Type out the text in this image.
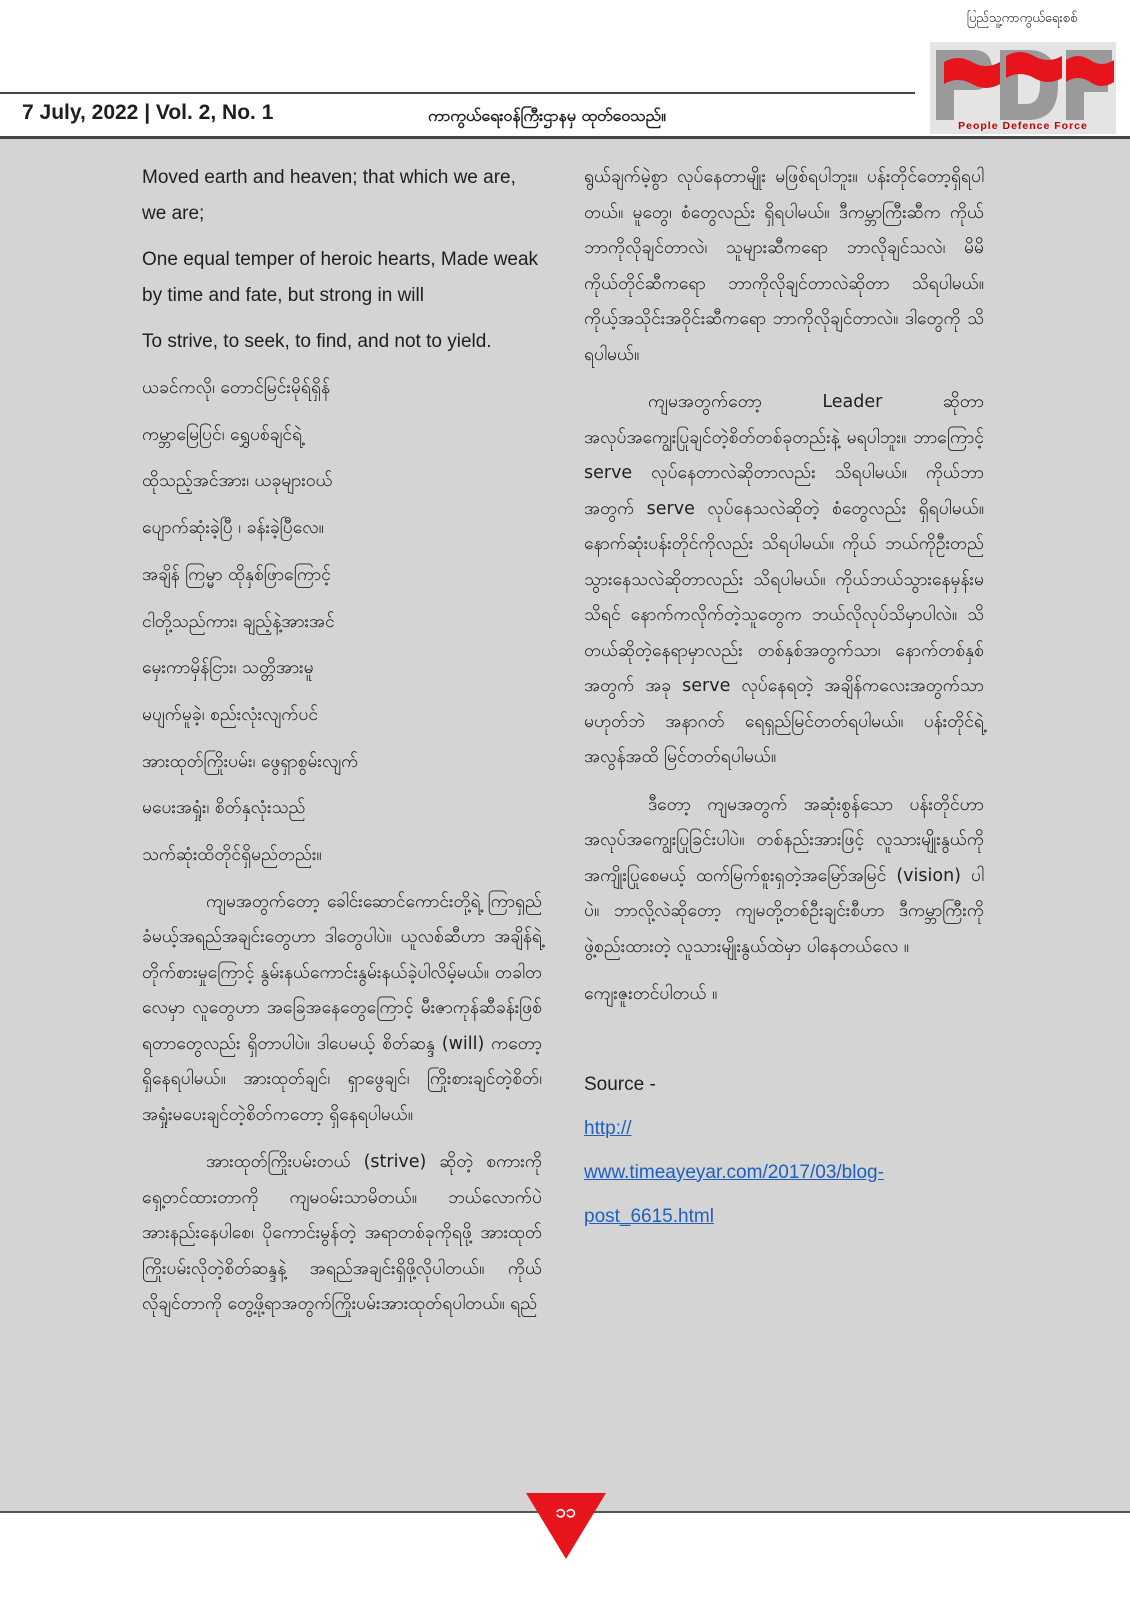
7 July, 2022 | Vol. 2, No. 1	ကာကွယ်ရေးဝန်ကြီးဌာနမှ ထုတ်ဝေသည်။
ပြည်သူ့ကာကွယ်ရေးစစ်
People Defence Force

Moved earth and heaven; that which we are, we are;

One equal temper of heroic hearts, Made weak by time and fate, but strong in will

To strive, to seek, to find, and not to yield.

ယခင်ကလို၊ တောင်မြင်းမိုရ်ရှိန်

ကမ္ဘာမြေပြင်၊ ရွှေပစ်ချင်ရဲ့

ထိုသည့်အင်အား၊ ယခုများဝယ်

ပျောက်ဆုံးခဲ့ပြီ ၊ ခန်းခဲ့ပြီလေ။

အချိန် ကြမ္မာ ထိုနှစ်ဖြာကြောင့်

ငါတို့သည်ကား၊ ချည့်နဲ့အားအင်

မှေးကာမှိန်ငြား၊ သတ္တိအားမူ

မပျက်မူခဲ့၊ စည်းလုံးလျက်ပင်

အားထုတ်ကြိုးပမ်း၊ ဖွေရှာစွမ်းလျက်

မပေးအရှုံး၊ စိတ်နှလုံးသည်

သက်ဆုံးထိတိုင်ရှိမည်တည်း။

ကျမအတွက်တော့ ခေါင်းဆောင်ကောင်းတို့ရဲ့ ကြာရှည်ခံမယ့်အရည်အချင်းတွေဟာ ဒါတွေပါပဲ။ ယူလစ်ဆီဟာ အချိန်ရဲ့ တိုက်စားမှုကြောင့် နွမ်းနယ်ကောင်းနွမ်းနယ်ခဲ့ပါလိမ့်မယ်။ တခါတလေမှာ လူတွေဟာ အခြေအနေတွေကြောင့် မီးဇာကုန်ဆီခန်းဖြစ်ရတာတွေလည်း ရှိတာပါပဲ။ ဒါပေမယ့် စိတ်ဆန္ဒ (will) ကတော့ ရှိနေရပါမယ်။ အားထုတ်ချင်၊ ရှာဖွေချင်၊ ကြိုးစားချင်တဲ့စိတ်၊ အရှုံးမပေးချင်တဲ့စိတ်ကတော့ ရှိနေရပါမယ်။

အားထုတ်ကြိုးပမ်းတယ် (strive) ဆိုတဲ့ စကားကိုရှေ့တင်ထားတာကို ကျမဝမ်းသာမိတယ်။ ဘယ်လောက်ပဲ အားနည်းနေပါစေ၊ ပိုကောင်းမွန်တဲ့ အရာတစ်ခုကိုရဖို့ အားထုတ်ကြိုးပမ်းလိုတဲ့စိတ်ဆန္ဒနဲ့ အရည်အချင်းရှိဖို့လိုပါတယ်။ ကိုယ်လိုချင်တာကို တွေ့ဖို့ရာအတွက်ကြိုးပမ်းအားထုတ်ရပါတယ်။ ရည်

ရွယ်ချက်မဲ့စွာ လုပ်နေတာမျိုး မဖြစ်ရပါဘူး။ ပန်းတိုင်တော့ရှိရပါတယ်။ မူတွေ၊ စံတွေလည်း ရှိရပါမယ်။ ဒီကမ္ဘာကြီးဆီက ကိုယ် ဘာကိုလိုချင်တာလဲ၊ သူများဆီကရော ဘာလိုချင်သလဲ၊ မိမိကိုယ်တိုင်ဆီကရော ဘာကိုလိုချင်တာလဲဆိုတာ သိရပါမယ်။ ကိုယ့်အသိုင်းအဝိုင်းဆီကရော ဘာကိုလိုချင်တာလဲ။ ဒါတွေကို သိရပါမယ်။

ကျမအတွက်တော့ Leader ဆိုတာ အလုပ်အကျွေးပြုချင်တဲ့စိတ်တစ်ခုတည်းနဲ့ မရပါဘူး။ ဘာကြောင့် serve လုပ်နေတာလဲဆိုတာလည်း သိရပါမယ်။ ကိုယ်ဘာအတွက် serve လုပ်နေသလဲဆိုတဲ့ စံတွေလည်း ရှိရပါမယ်။ နောက်ဆုံးပန်းတိုင်ကိုလည်း သိရပါမယ်။ ကိုယ် ဘယ်ကိုဦးတည်သွားနေသလဲဆိုတာလည်း သိရပါမယ်။ ကိုယ်ဘယ်သွားနေမှန်းမသိရင် နောက်ကလိုက်တဲ့သူတွေက ဘယ်လိုလုပ်သိမှာပါလဲ။ သိတယ်ဆိုတဲ့နေရာမှာလည်း တစ်နှစ်အတွက်သာ၊ နောက်တစ်နှစ်အတွက် အခု serve လုပ်နေရတဲ့ အချိန်ကလေးအတွက်သာ မဟုတ်ဘဲ အနာဂတ် ရေရှည်မြင်တတ်ရပါမယ်။ ပန်းတိုင်ရဲ့ အလွန်အထိ မြင်တတ်ရပါမယ်။

ဒီတော့ ကျမအတွက် အဆုံးစွန်သော ပန်းတိုင်ဟာ အလုပ်အကျွေးပြုခြင်းပါပဲ။ တစ်နည်းအားဖြင့် လူသားမျိုးနွယ်ကို အကျိုးပြုစေမယ့် ထက်မြက်စူးရှတဲ့အမြော်အမြင် (vision) ပါပဲ။ ဘာလို့လဲဆိုတော့ ကျမတို့တစ်ဦးချင်းစီဟာ ဒီကမ္ဘာကြီးကို ဖွဲ့စည်းထားတဲ့ လူသားမျိုးနွယ်ထဲမှာ ပါနေတယ်လေ ။

ကျေးဇူးတင်ပါတယ် ။

Source -
http://
www.timeayeyar.com/2017/03/blog-
post_6615.html
၁၁
